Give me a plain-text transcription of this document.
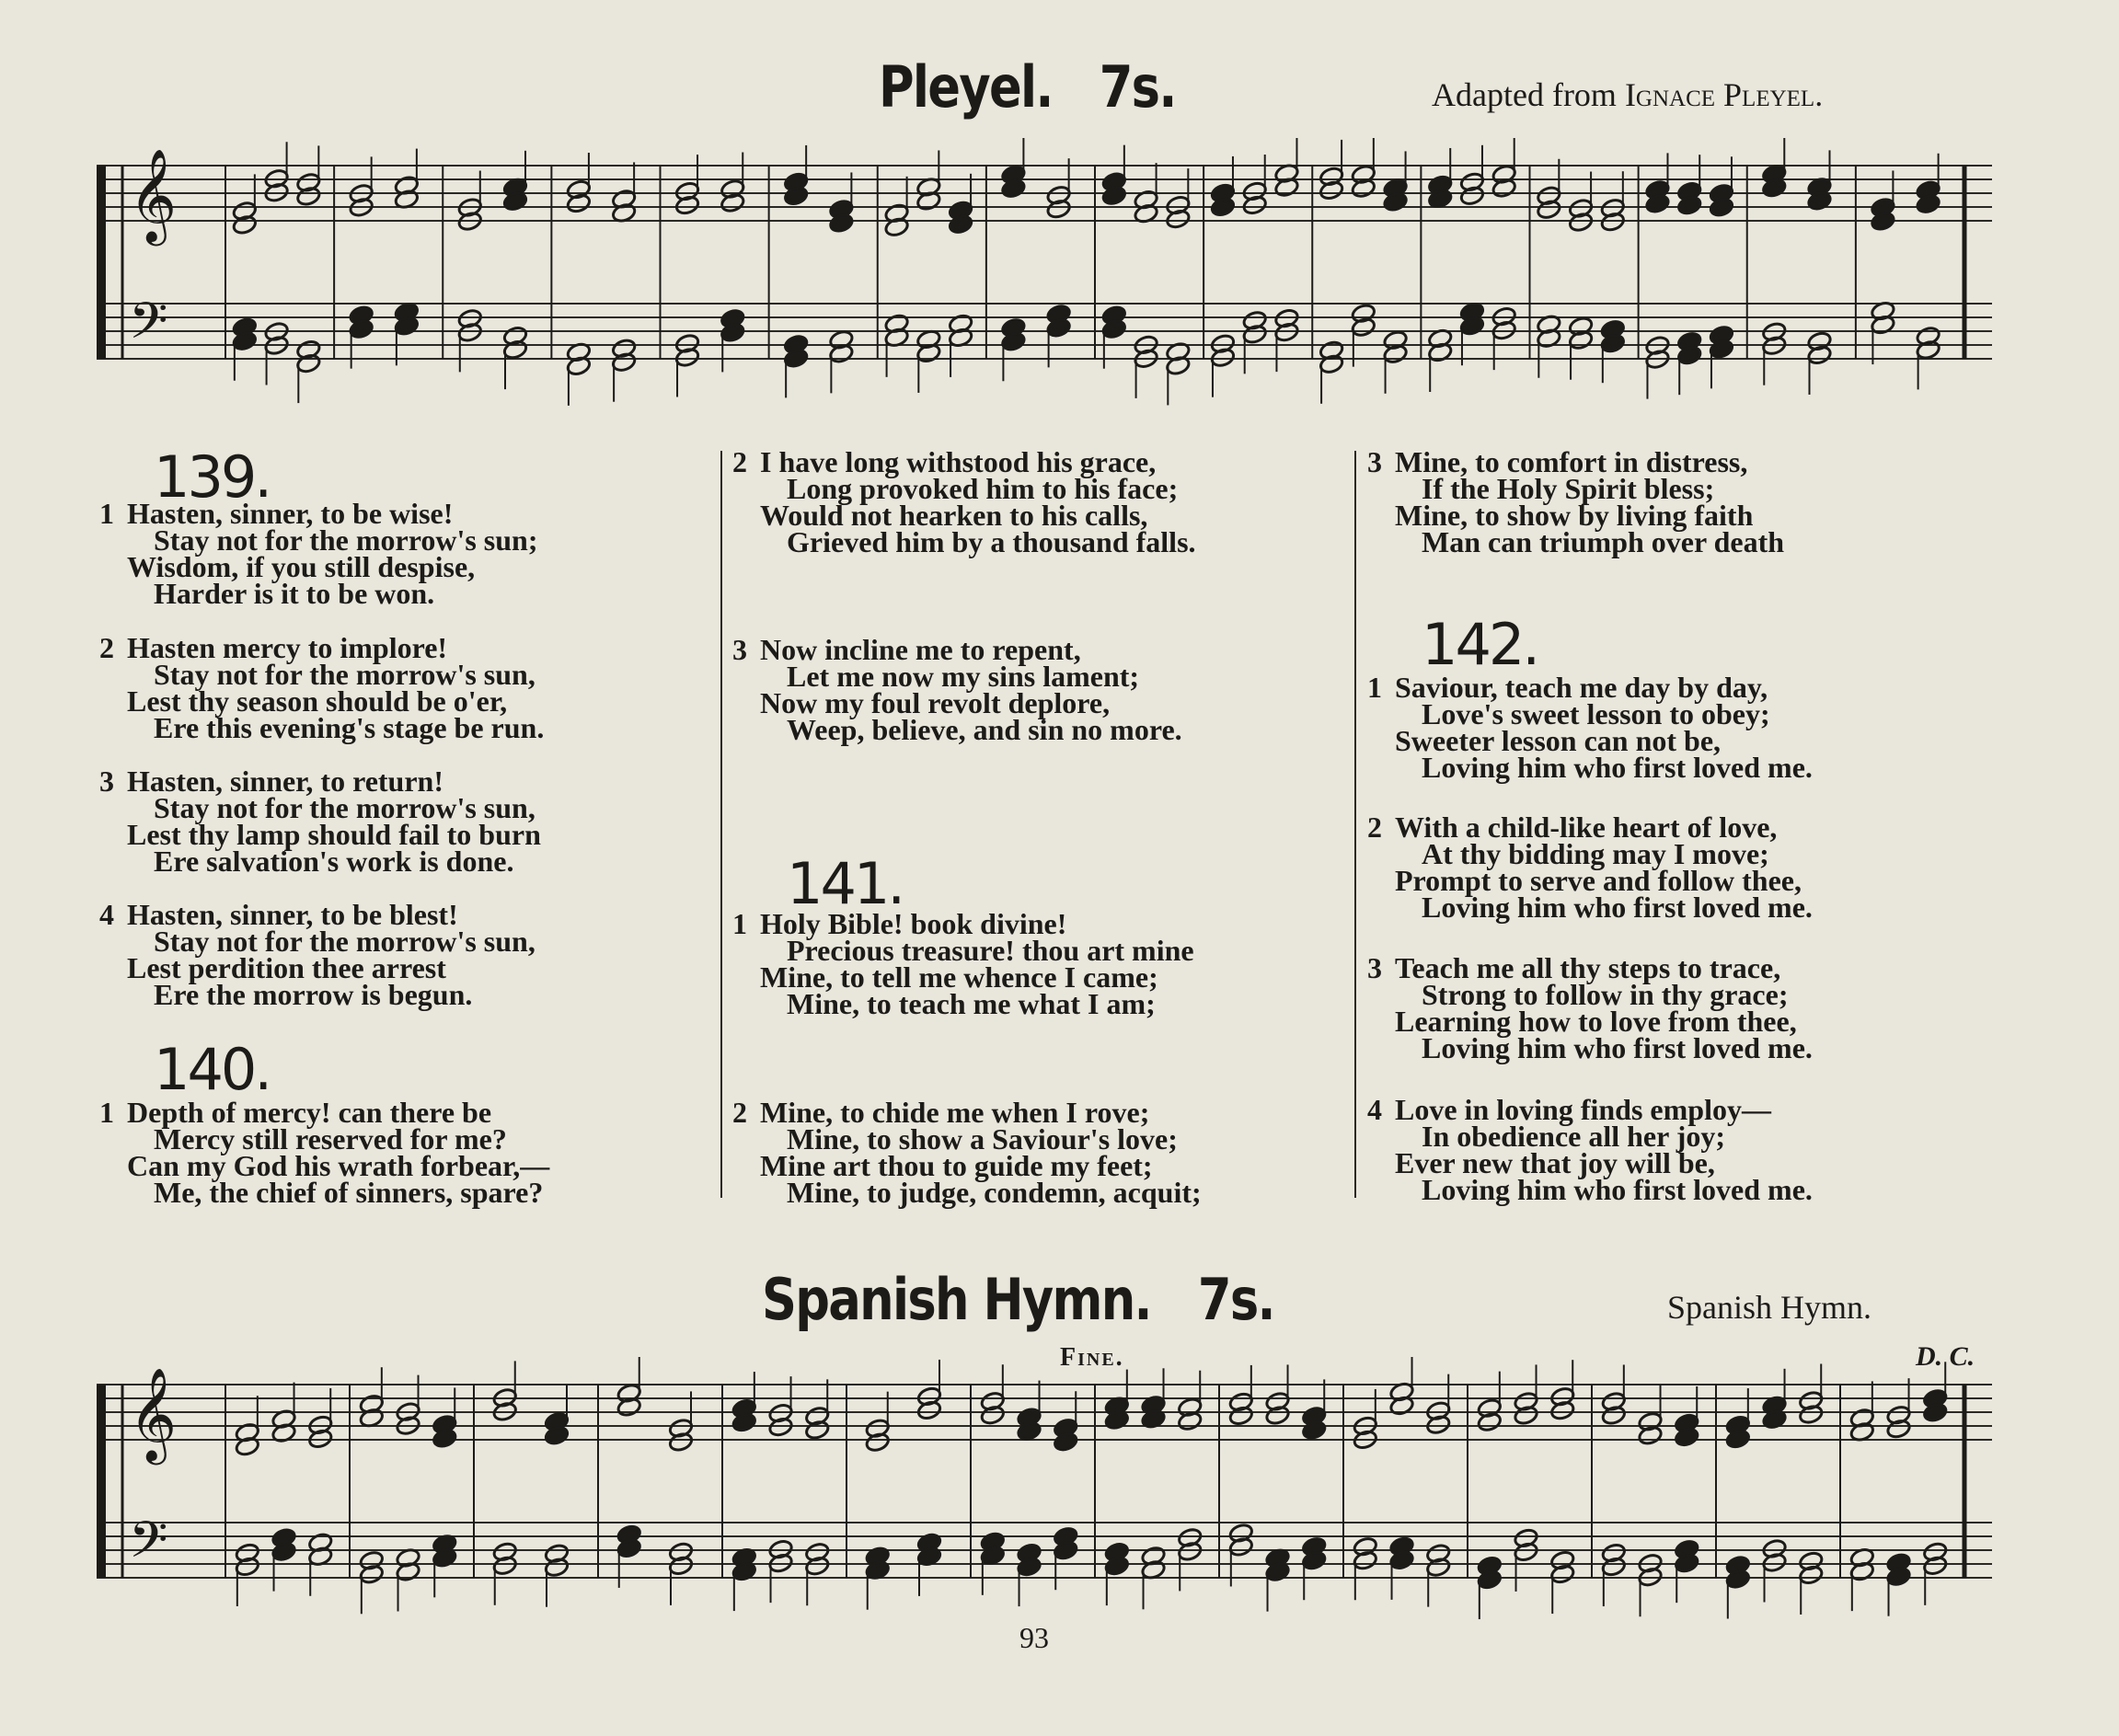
Pleyel. 7s.	Adapted from Ignace Pleyel.
𝄞
𝄢
139.
1 Hasten, sinner, to be wise!
Stay not for the morrow's sun;
Wisdom, if you still despise,
Harder is it to be won.
2 Hasten mercy to implore!
Stay not for the morrow's sun,
Lest thy season should be o'er,
Ere this evening's stage be run.
3 Hasten, sinner, to return!
Stay not for the morrow's sun,
Lest thy lamp should fail to burn
Ere salvation's work is done.
4 Hasten, sinner, to be blest!
Stay not for the morrow's sun,
Lest perdition thee arrest
Ere the morrow is begun.
140.
1 Depth of mercy! can there be
Mercy still reserved for me?
Can my God his wrath forbear,—
Me, the chief of sinners, spare?
2 I have long withstood his grace,
Long provoked him to his face;
Would not hearken to his calls,
Grieved him by a thousand falls.
3 Now incline me to repent,
Let me now my sins lament;
Now my foul revolt deplore,
Weep, believe, and sin no more.
141.
1 Holy Bible! book divine!
Precious treasure! thou art mine
Mine, to tell me whence I came;
Mine, to teach me what I am;
2 Mine, to chide me when I rove;
Mine, to show a Saviour's love;
Mine art thou to guide my feet;
Mine, to judge, condemn, acquit;
3 Mine, to comfort in distress,
If the Holy Spirit bless;
Mine, to show by living faith
Man can triumph over death
142.
1 Saviour, teach me day by day,
Love's sweet lesson to obey;
Sweeter lesson can not be,
Loving him who first loved me.
2 With a child-like heart of love,
At thy bidding may I move;
Prompt to serve and follow thee,
Loving him who first loved me.
3 Teach me all thy steps to trace,
Strong to follow in thy grace;
Learning how to love from thee,
Loving him who first loved me.
4 Love in loving finds employ—
In obedience all her joy;
Ever new that joy will be,
Loving him who first loved me.
Spanish Hymn. 7s.	Spanish Hymn.
Fine.	D. C.
𝄞
𝄢
93
